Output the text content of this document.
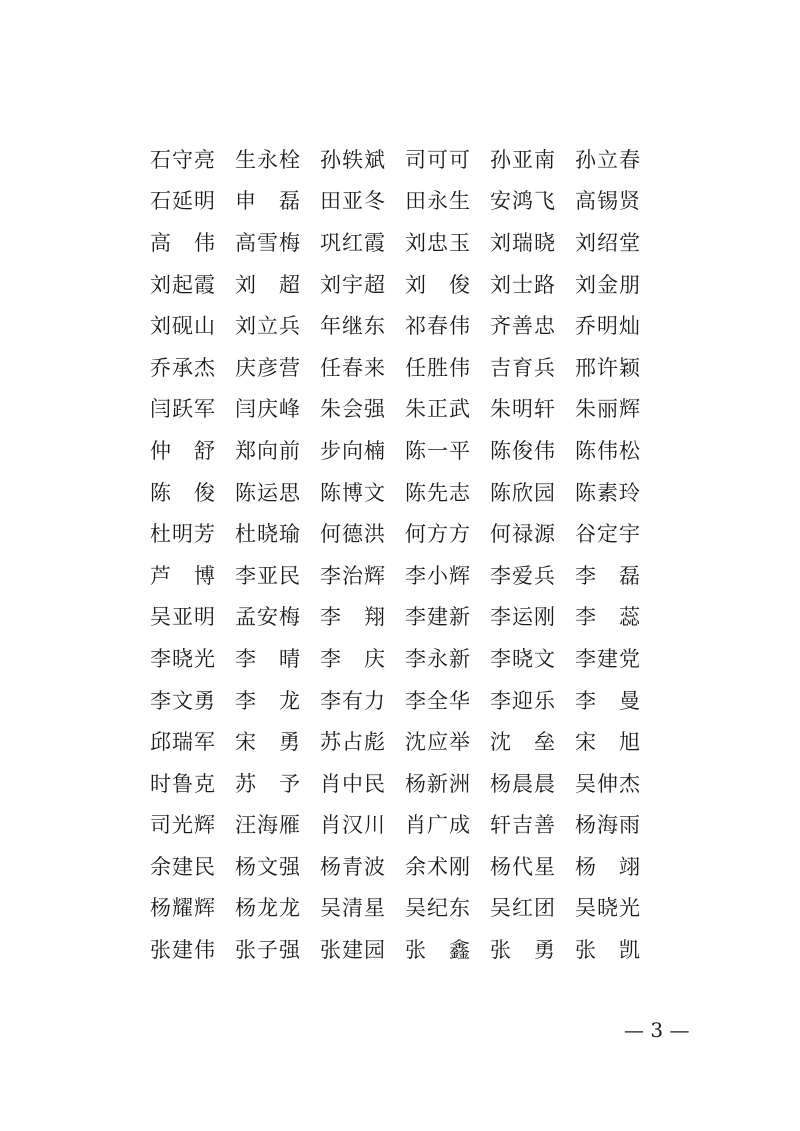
石守亮 生永栓 孙轶斌 司可可 孙亚南 孙立春
石延明 申　磊 田亚冬 田永生 安鸿飞 高锡贤
高　伟 高雪梅 巩红霞 刘忠玉 刘瑞晓 刘绍堂
刘起霞 刘　超 刘宇超 刘　俊 刘士路 刘金朋
刘砚山 刘立兵 年继东 祁春伟 齐善忠 乔明灿
乔承杰 庆彦营 任春来 任胜伟 吉育兵 邢许颖
闫跃军 闫庆峰 朱会强 朱正武 朱明轩 朱丽辉
仲　舒 郑向前 步向楠 陈一平 陈俊伟 陈伟松
陈　俊 陈运思 陈博文 陈先志 陈欣园 陈素玲
杜明芳 杜晓瑜 何德洪 何方方 何禄源 谷定宇
芦　博 李亚民 李治辉 李小辉 李爱兵 李　磊
吴亚明 孟安梅 李　翔 李建新 李运刚 李　蕊
李晓光 李　晴 李　庆 李永新 李晓文 李建党
李文勇 李　龙 李有力 李全华 李迎乐 李　曼
邱瑞军 宋　勇 苏占彪 沈应举 沈　垒 宋　旭
时鲁克 苏　予 肖中民 杨新洲 杨晨晨 吴伸杰
司光辉 汪海雁 肖汉川 肖广成 轩吉善 杨海雨
余建民 杨文强 杨青波 余术刚 杨代星 杨　翊
杨耀辉 杨龙龙 吴清星 吴纪东 吴红团 吴晓光
张建伟 张子强 张建园 张　鑫 张　勇 张　凯
— 3 —
